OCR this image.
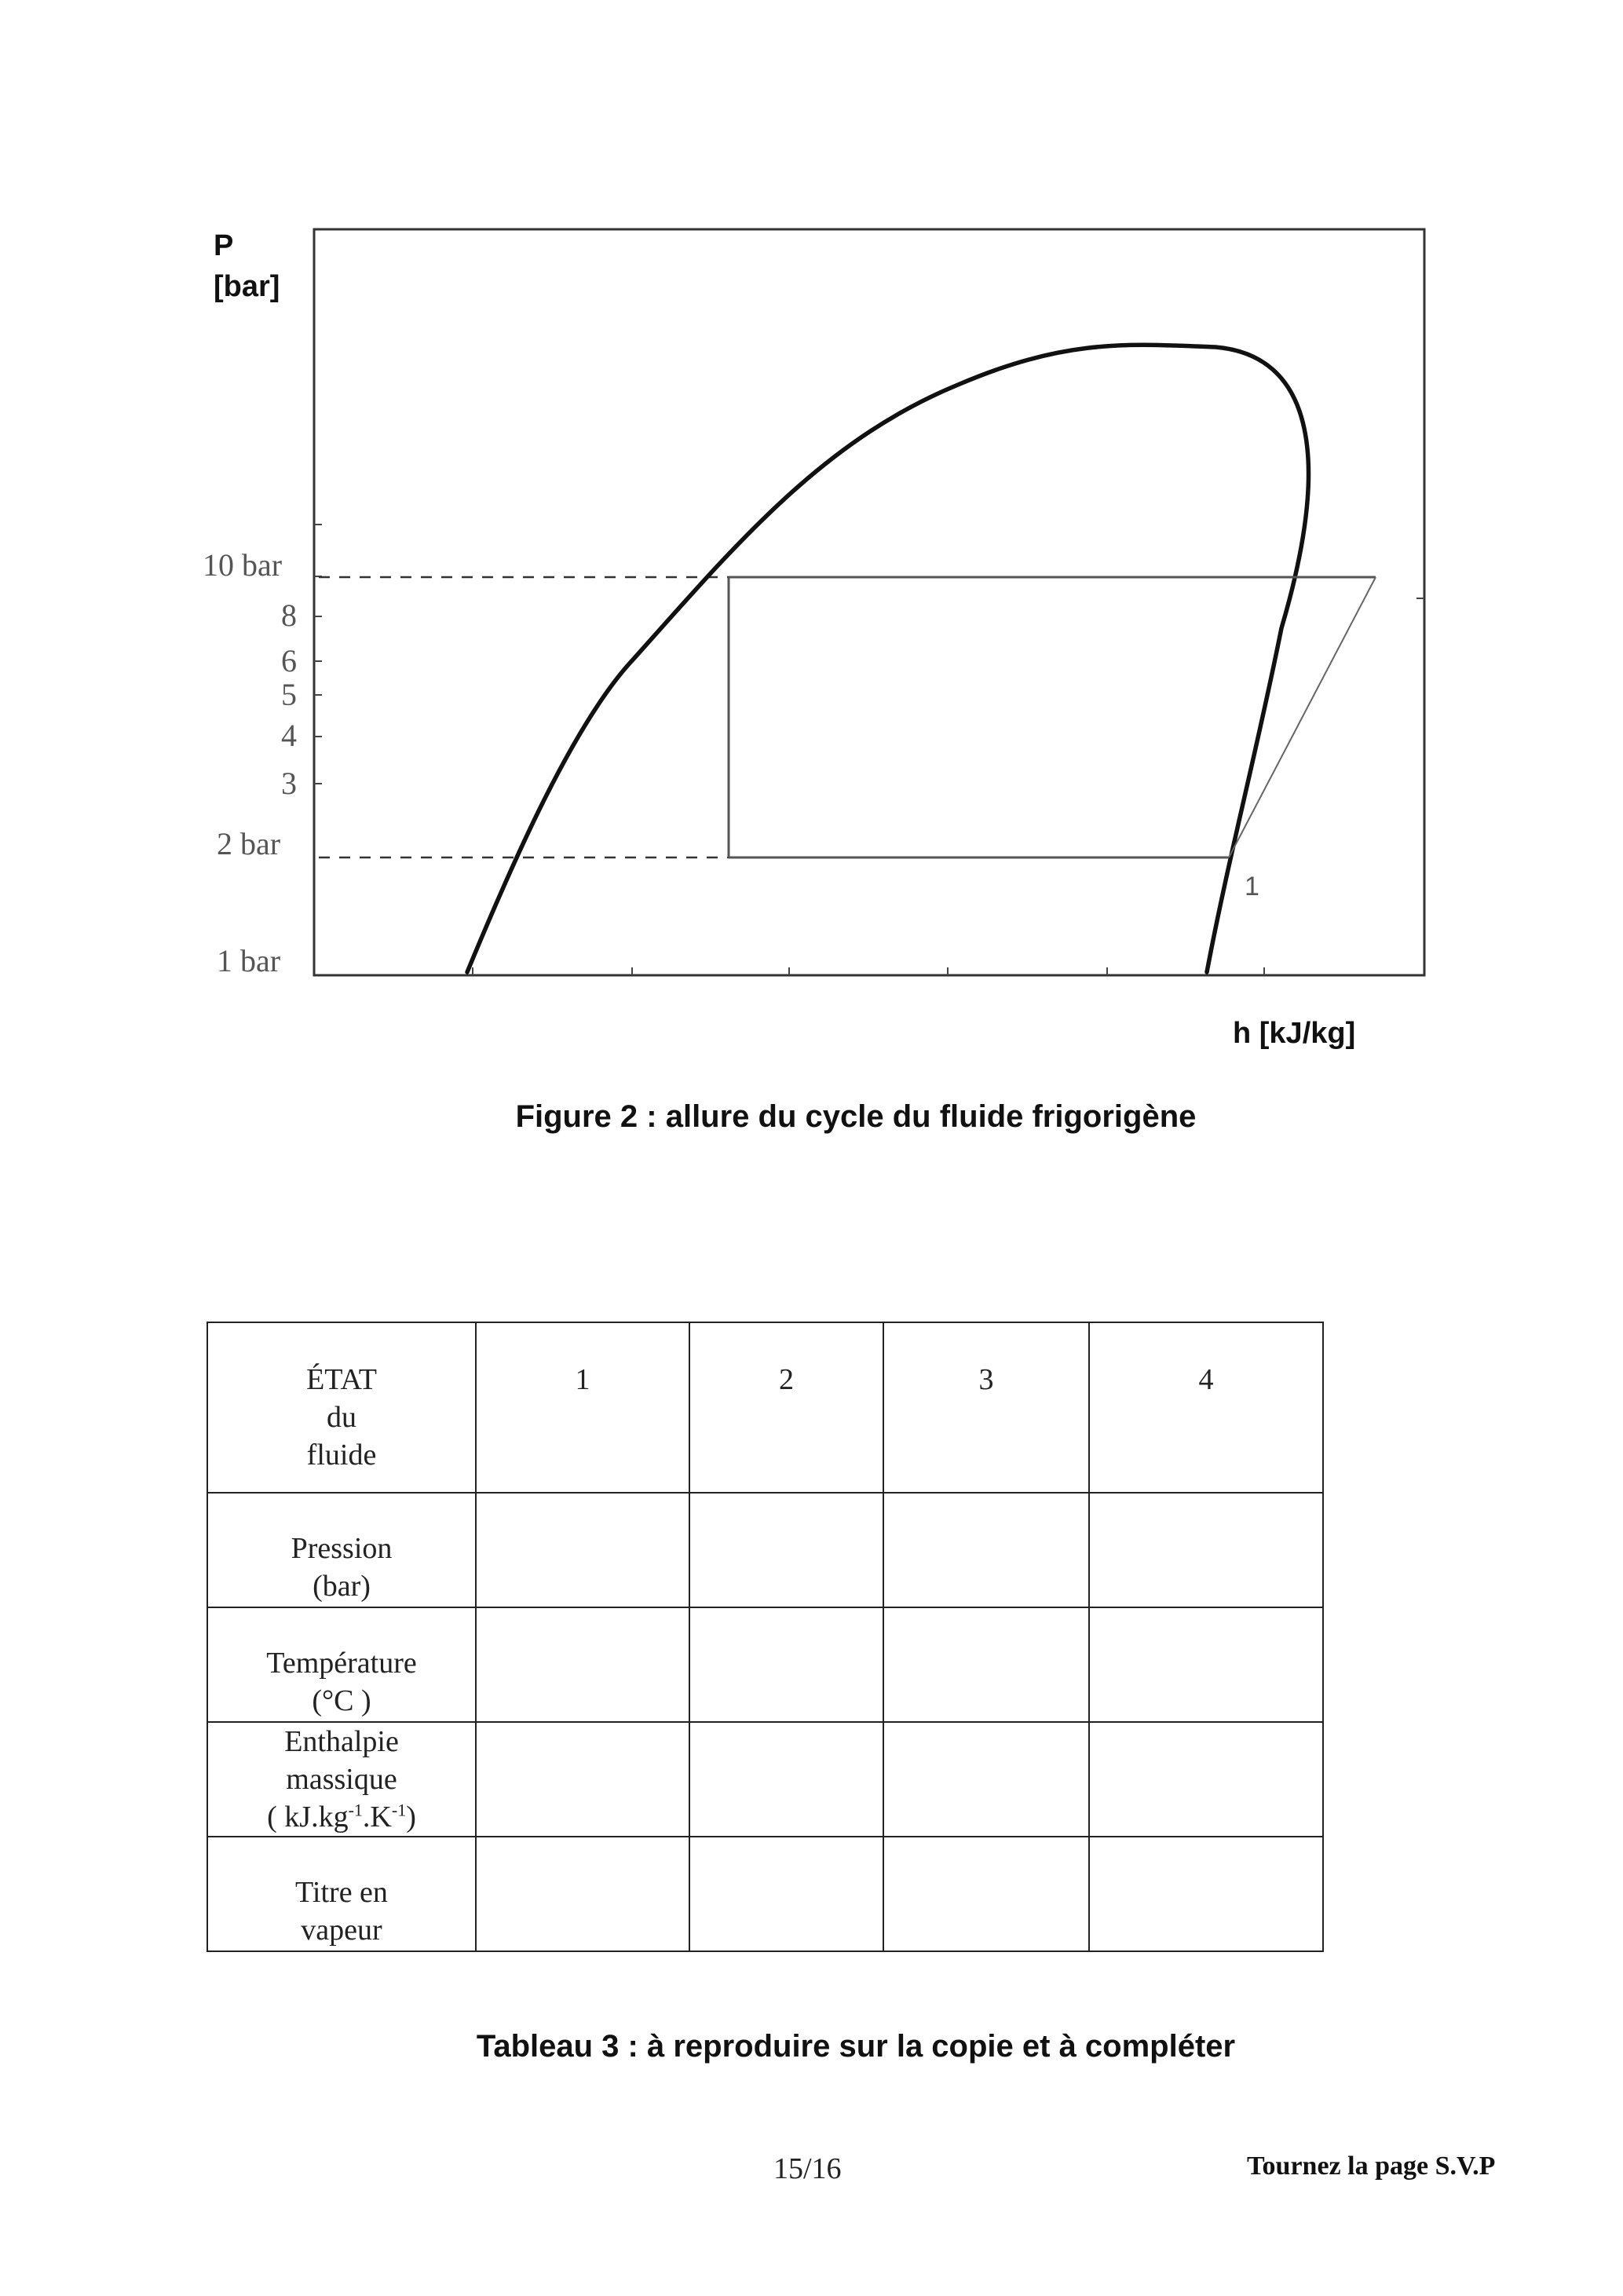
P
[bar]
10 bar
8
6
5
4
3
2 bar
1 bar
1
h [kJ/kg]
Figure 2 : allure du cycle du fluide frigorigène
ÉTAT
du
fluide	1	2	3	4

Pression
(bar)				

Température
(°C )				

Enthalpie
massique
( $kJ.kg^{-1}.K^{-1}$)				

Titre en
vapeur				

Tableau 3 : à reproduire sur la copie et à compléter
15/16	Tournez la page S.V.P
